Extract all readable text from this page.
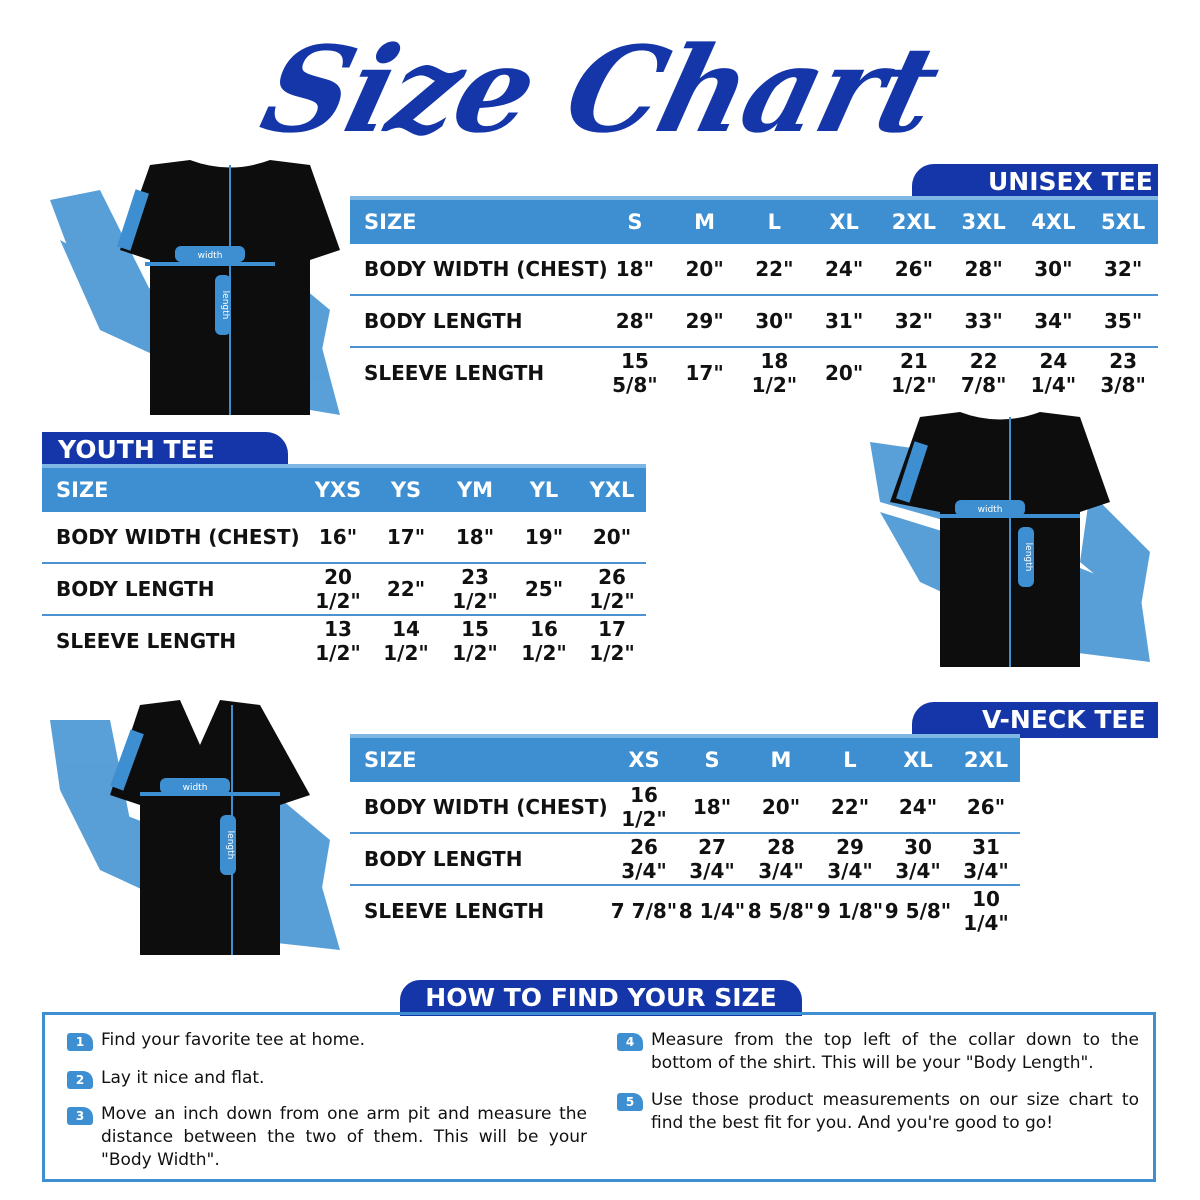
Size Chart
width
length
UNISEX TEE
SIZE	S	M	L	XL	2XL	3XL	4XL	5XL
BODY WIDTH (CHEST)	18"	20"	22"	24"	26"	28"	30"	32"
BODY LENGTH	28"	29"	30"	31"	32"	33"	34"	35"
SLEEVE LENGTH	15 5/8"	17"	18 1/2"	20"	21 1/2"	22 7/8"	24 1/4"	23 3/8"
YOUTH TEE
SIZE	YXS	YS	YM	YL	YXL
BODY WIDTH (CHEST)	16"	17"	18"	19"	20"
BODY LENGTH	20 1/2"	22"	23 1/2"	25"	26 1/2"
SLEEVE LENGTH	13 1/2"	14 1/2"	15 1/2"	16 1/2"	17 1/2"
width
length
width
length
V-NECK TEE
SIZE	XS	S	M	L	XL	2XL
BODY WIDTH (CHEST)	16 1/2"	18"	20"	22"	24"	26"
BODY LENGTH	26 3/4"	27 3/4"	28 3/4"	29 3/4"	30 3/4"	31 3/4"
SLEEVE LENGTH	7 7/8"	8 1/4"	8 5/8"	9 1/8"	9 5/8"	10 1/4"
HOW TO FIND YOUR SIZE
1 Find your favorite tee at home.
2 Lay it nice and flat.
3 Move an inch down from one arm pit and measure the distance between the two of them. This will be your "Body Width".
4 Measure from the top left of the collar down to the bottom of the shirt. This will be your "Body Length".
5 Use those product measurements on our size chart to find the best fit for you. And you're good to go!
